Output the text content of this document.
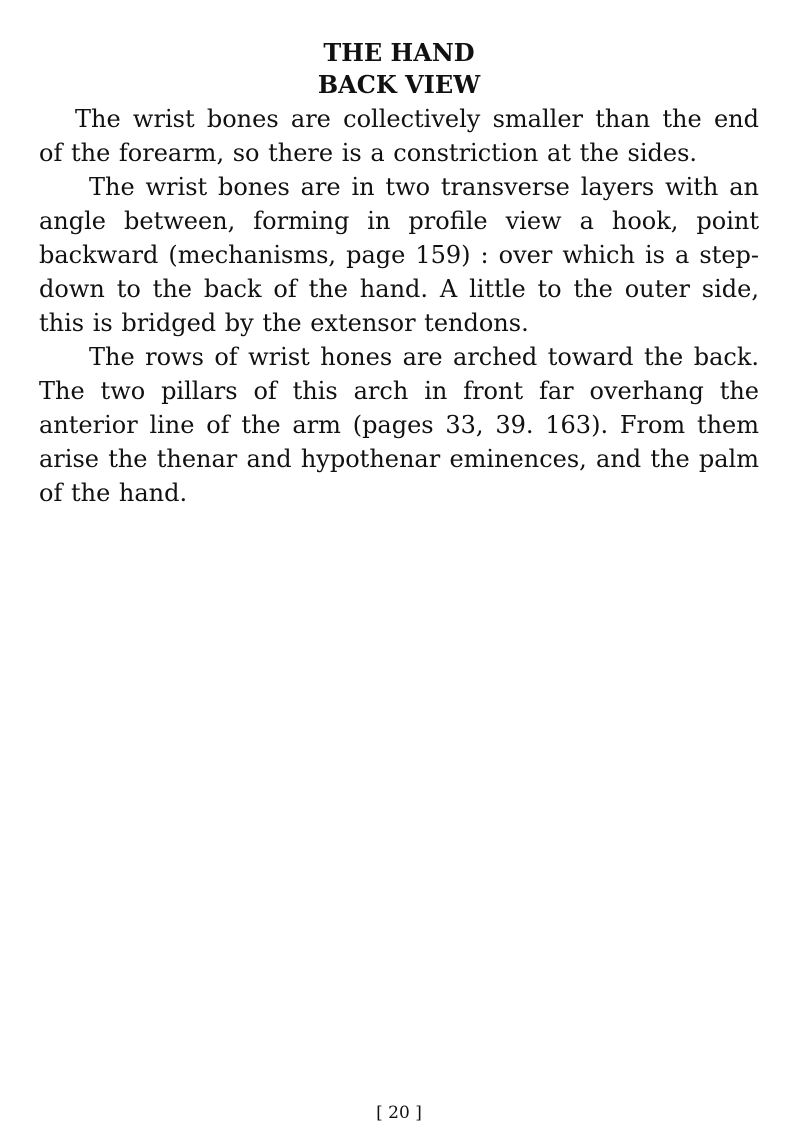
THE HAND
BACK VIEW

The wrist bones are collectively smaller than the end of the forearm, so there is a constriction at the sides.

The wrist bones are in two transverse layers with an angle between, forming in profile view a hook, point backward (mechanisms, page 159) : over which is a step-down to the back of the hand. A little to the outer side, this is bridged by the extensor tendons.

The rows of wrist hones are arched toward the back. The two pillars of this arch in front far overhang the anterior line of the arm (pages 33, 39. 163). From them arise the thenar and hypothenar eminences, and the palm of the hand.

[ 20 ]
